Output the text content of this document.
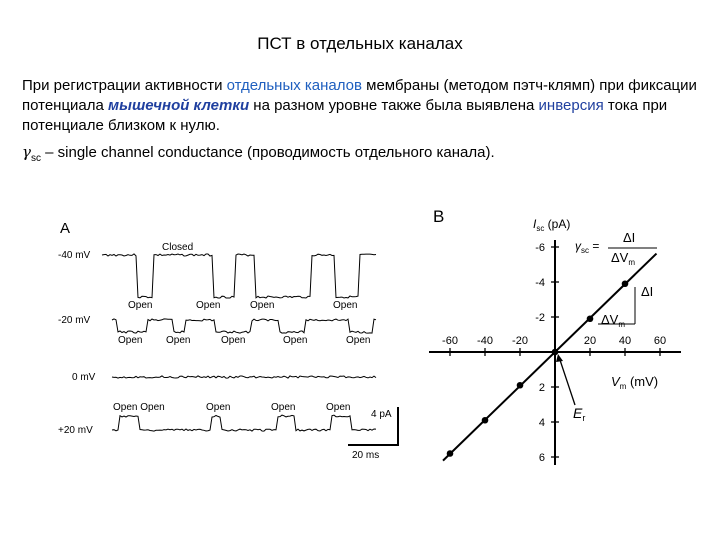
ПСТ в отдельных каналах
При регистрации активности отдельных каналов мембраны (методом пэтч-клямп) при фиксации потенциала мышечной клетки на разном уровне также была выявлена инверсия тока при потенциале близком к нулю.
$\gamma_{sc}$ – single channel conductance (проводимость отдельного канала).
A
Closed
-40 mV
Open	Open	Open	Open
-20 mV
Open Open	Open	Open	Open
0 mV
+20 mV
Open Open	Open	Open	Open
4 pA
20 ms
B
-60 -40 -20	20 40 60
6
4
2
-2
-4
-6
$I_{sc}$ (pA)
$V_m$ (mV)
$\gamma_{sc}$ =
ΔI
$\Delta V_m$
ΔI
$\Delta V_m$
$E_r$
